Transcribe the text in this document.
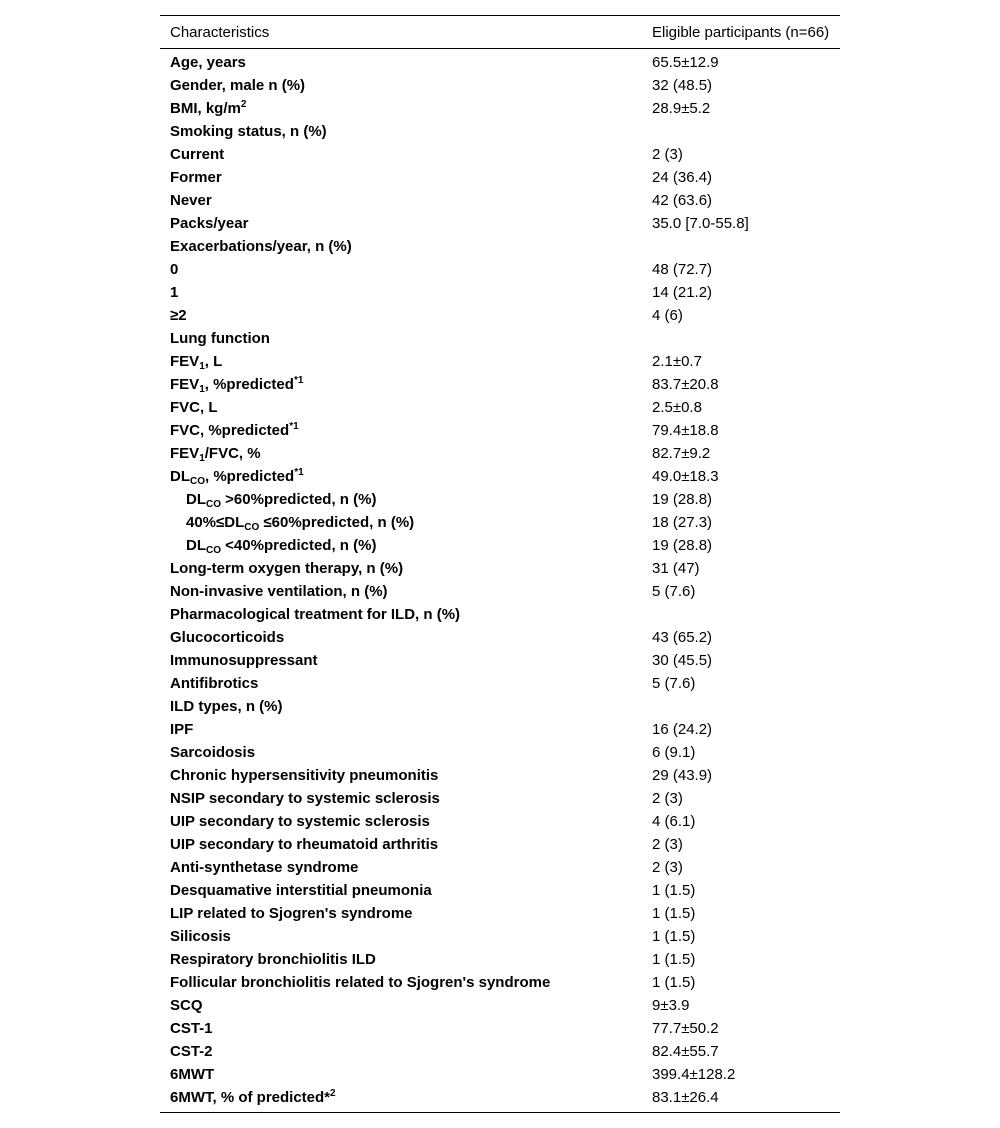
Characteristics	Eligible participants (n=66)
Age, years	65.5±12.9
Gender, male n (%)	32 (48.5)
BMI, $kg/m^2$	28.9±5.2
Smoking status, n (%)	
Current	2 (3)
Former	24 (36.4)
Never	42 (63.6)
Packs/year	35.0 [7.0-55.8]
Exacerbations/year, n (%)	
0	48 (72.7)
1	14 (21.2)
≥2	4 (6)
Lung function	
$FEV_1$, L	2.1±0.7
$FEV_1$, %predicted$^{*1}$	83.7±20.8
FVC, L	2.5±0.8
FVC, %predicted$^{*1}$	79.4±18.8
$FEV_1$/FVC, %	82.7±9.2
$DL_{CO}$, %predicted$^{*1}$	49.0±18.3
$DL_{CO}$ >60%predicted, n (%)	19 (28.8)
$40\%\le DL_{CO}$ ≤60%predicted, n (%)	18 (27.3)
$DL_{CO}$ <40%predicted, n (%)	19 (28.8)
Long-term oxygen therapy, n (%)	31 (47)
Non-invasive ventilation, n (%)	5 (7.6)
Pharmacological treatment for ILD, n (%)	
Glucocorticoids	43 (65.2)
Immunosuppressant	30 (45.5)
Antifibrotics	5 (7.6)
ILD types, n (%)	
IPF	16 (24.2)
Sarcoidosis	6 (9.1)
Chronic hypersensitivity pneumonitis	29 (43.9)
NSIP secondary to systemic sclerosis	2 (3)
UIP secondary to systemic sclerosis	4 (6.1)
UIP secondary to rheumatoid arthritis	2 (3)
Anti-synthetase syndrome	2 (3)
Desquamative interstitial pneumonia	1 (1.5)
LIP related to Sjogren's syndrome	1 (1.5)
Silicosis	1 (1.5)
Respiratory bronchiolitis ILD	1 (1.5)
Follicular bronchiolitis related to Sjogren's syndrome	1 (1.5)
SCQ	9±3.9
CST-1	77.7±50.2
CST-2	82.4±55.7
6MWT	399.4±128.2
6MWT, % of predicted*$^2$	83.1±26.4
